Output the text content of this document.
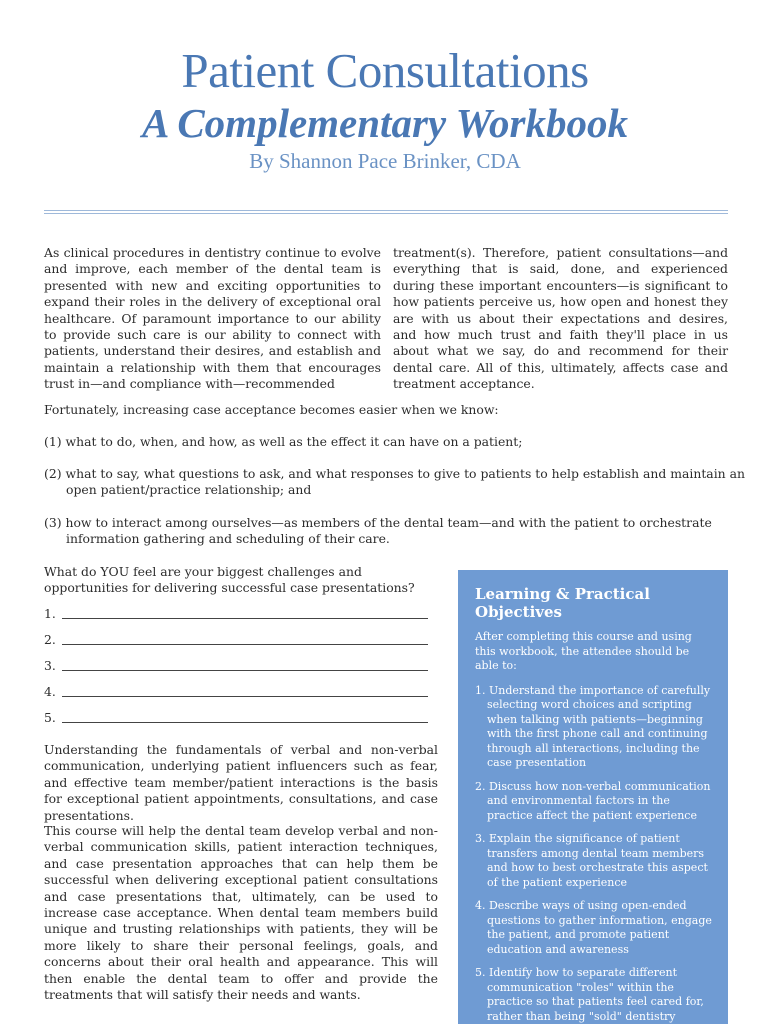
Patient Consultations
A Complementary Workbook
By Shannon Pace Brinker, CDA

As clinical procedures in dentistry continue to evolve and improve, each member of the dental team is presented with new and exciting opportunities to expand their roles in the delivery of exceptional oral healthcare. Of paramount importance to our ability to provide such care is our ability to connect with patients, understand their desires, and establish and maintain a relationship with them that encourages trust in—and compliance with—recommended

treatment(s). Therefore, patient consultations—and everything that is said, done, and experienced during these important encounters—is significant to how patients perceive us, how open and honest they are with us about their expectations and desires, and how much trust and faith they'll place in us about what we say, do and recommend for their dental care. All of this, ultimately, affects case and treatment acceptance.

Fortunately, increasing case acceptance becomes easier when we know:

(1) what to do, when, and how, as well as the effect it can have on a patient;

(2) what to say, what questions to ask, and what responses to give to patients to help establish and maintain an open patient/practice relationship; and

(3) how to interact among ourselves—as members of the dental team—and with the patient to orchestrate information gathering and scheduling of their care.

What do YOU feel are your biggest challenges and opportunities for delivering successful case presentations?

1.
2.
3.
4.
5.

Understanding the fundamentals of verbal and non-verbal communication, underlying patient influencers such as fear, and effective team member/patient interactions is the basis for exceptional patient appointments, consultations, and case presentations.

This course will help the dental team develop verbal and non-verbal communication skills, patient interaction techniques, and case presentation approaches that can help them be successful when delivering exceptional patient consultations and case presentations that, ultimately, can be used to increase case acceptance. When dental team members build unique and trusting relationships with patients, they will be more likely to share their personal feelings, goals, and concerns about their oral health and appearance. This will then enable the dental team to offer and provide the treatments that will satisfy their needs and wants.

Learning & Practical Objectives

After completing this course and using this workbook, the attendee should be able to:

1. Understand the importance of carefully selecting word choices and scripting when talking with patients—beginning with the first phone call and continuing through all interactions, including the case presentation

2. Discuss how non-verbal communication and environmental factors in the practice affect the patient experience

3. Explain the significance of patient transfers among dental team members and how to best orchestrate this aspect of the patient experience

4. Describe ways of using open-ended questions to gather information, engage the patient, and promote patient education and awareness

5. Identify how to separate different communication "roles" within the practice so that patients feel cared for, rather than being "sold" dentistry
